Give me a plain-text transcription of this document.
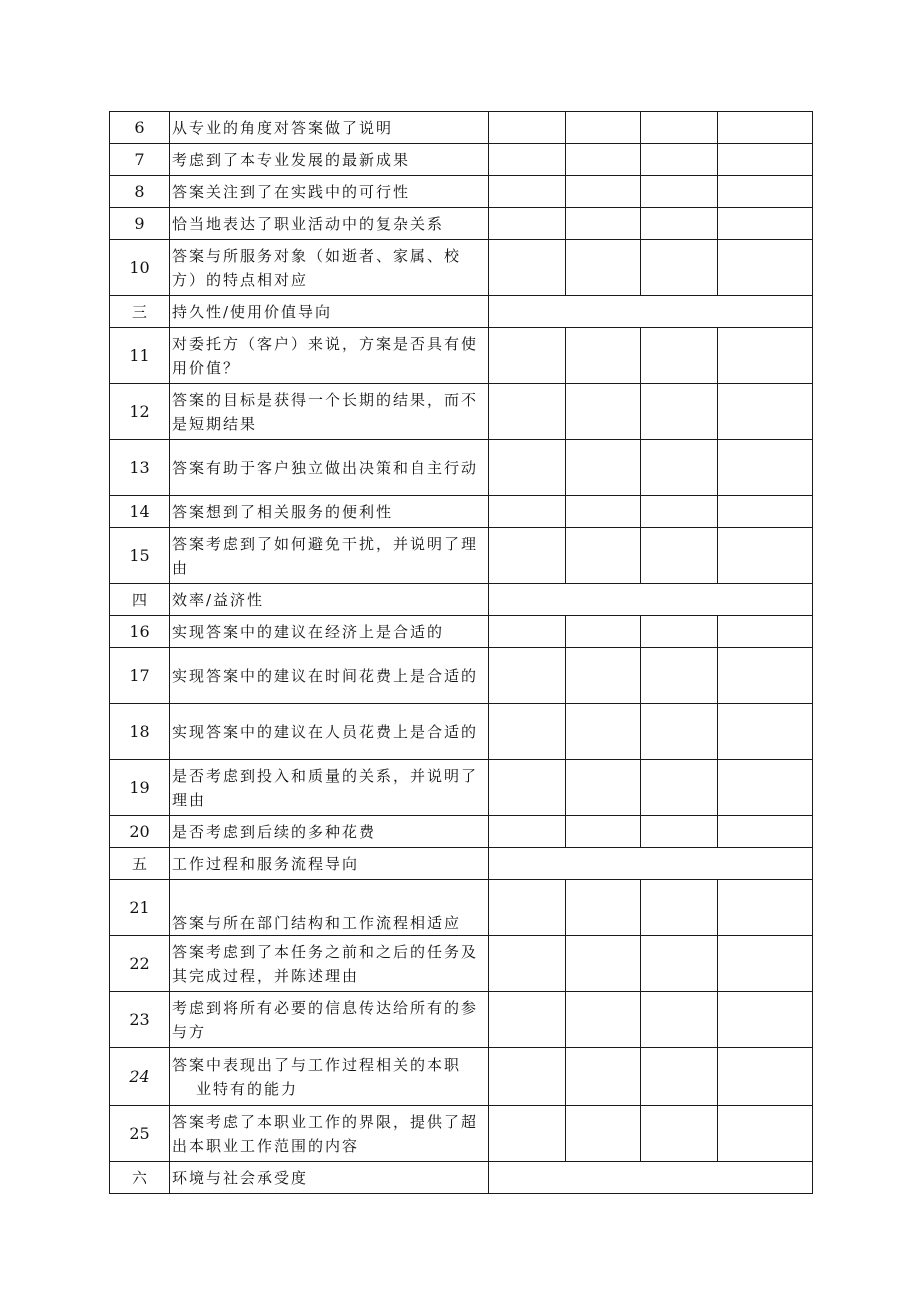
6	从专业的角度对答案做了说明				
7	考虑到了本专业发展的最新成果				
8	答案关注到了在实践中的可行性				
9	恰当地表达了职业活动中的复杂关系				
10	答案与所服务对象（如逝者、家属、校方）的特点相对应				
三	持久性/使用价值导向				
11	对委托方（客户）来说，方案是否具有使用价值？				
12	答案的目标是获得一个长期的结果，而不是短期结果				
13	答案有助于客户独立做出决策和自主行动				
14	答案想到了相关服务的便利性				
15	答案考虑到了如何避免干扰，并说明了理由				
四	效率/益济性				
16	实现答案中的建议在经济上是合适的				
17	实现答案中的建议在时间花费上是合适的				
18	实现答案中的建议在人员花费上是合适的				
19	是否考虑到投入和质量的关系，并说明了理由				
20	是否考虑到后续的多种花费				
五	工作过程和服务流程导向				
21	答案与所在部门结构和工作流程相适应				
22	答案考虑到了本任务之前和之后的任务及其完成过程，并陈述理由				
23	考虑到将所有必要的信息传达给所有的参与方				
24	答案中表现出了与工作过程相关的本职
业特有的能力				
25	答案考虑了本职业工作的界限，提供了超出本职业工作范围的内容				
六	环境与社会承受度				
